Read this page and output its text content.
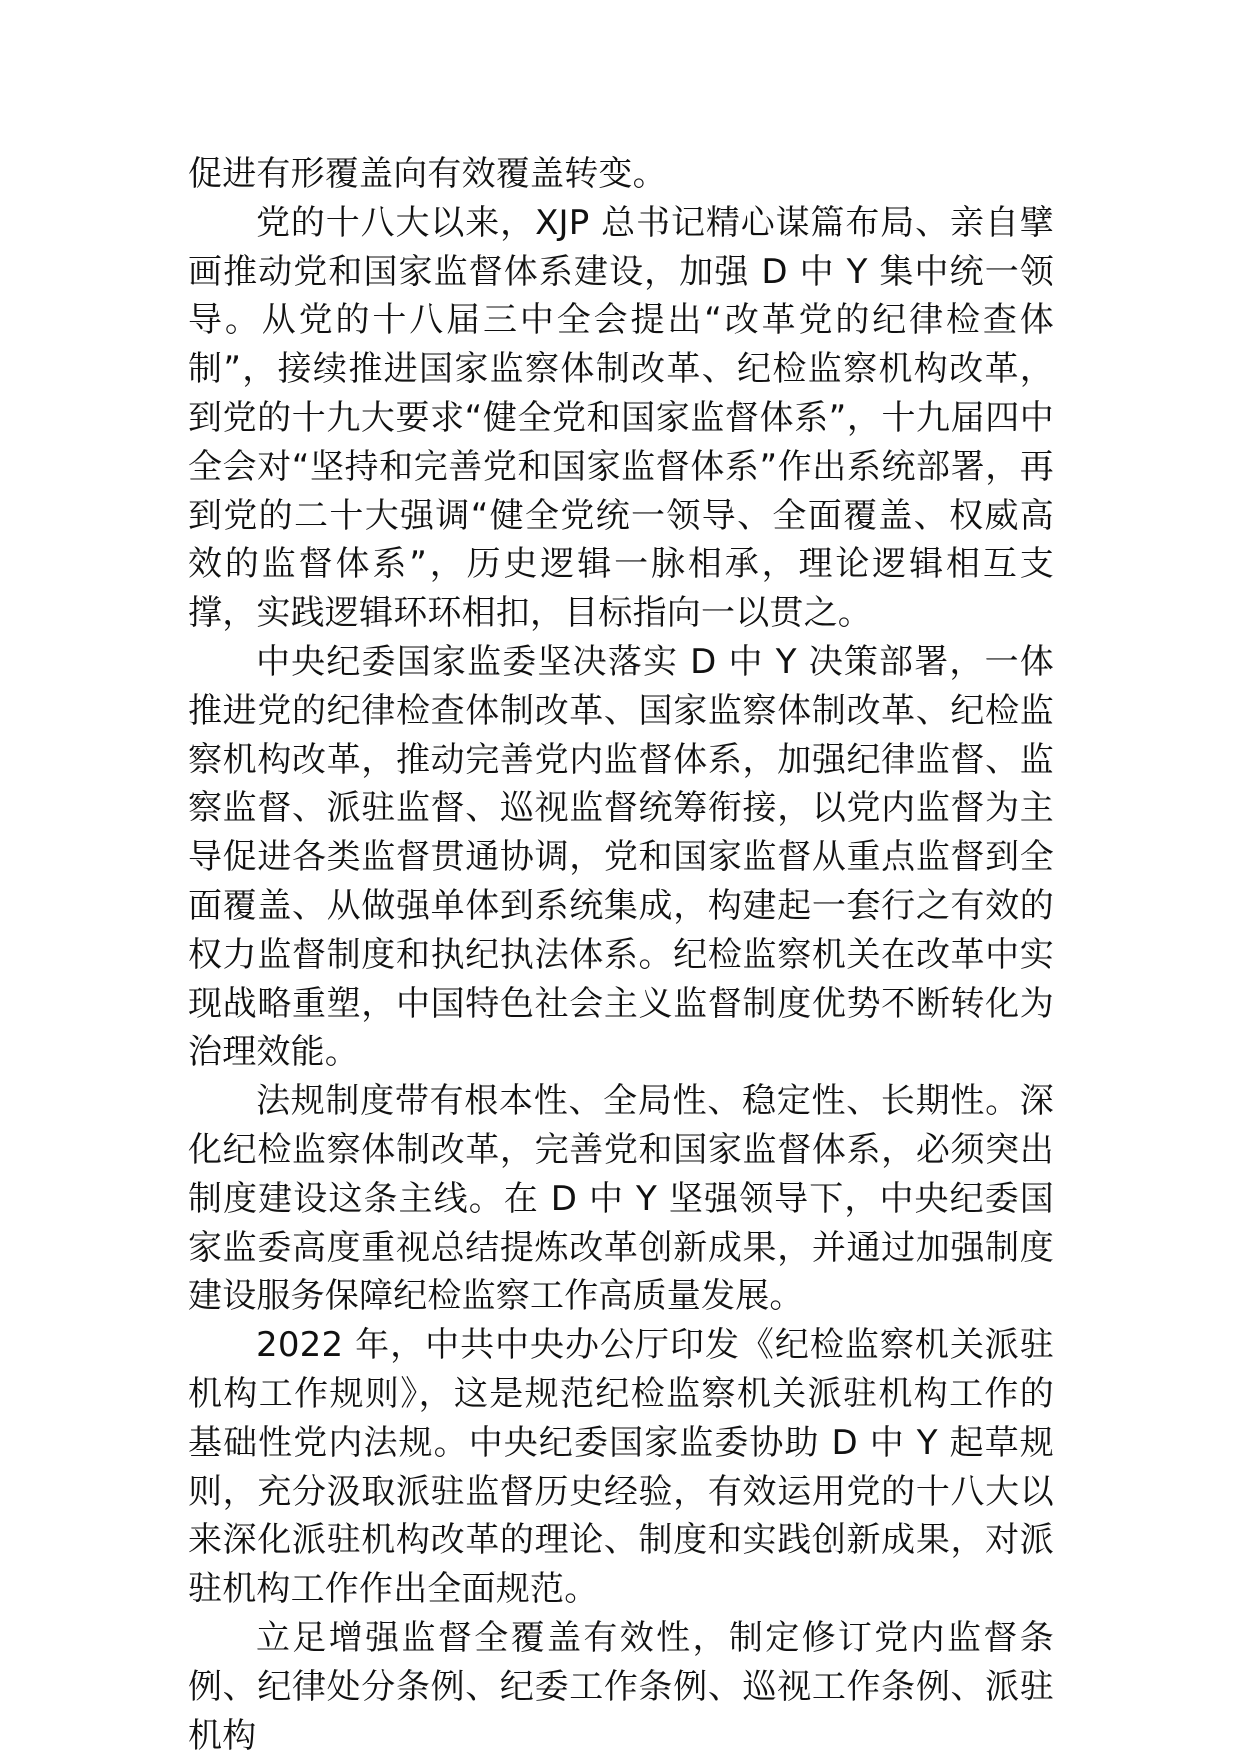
促进有形覆盖向有效覆盖转变。

党的十八大以来，XJP 总书记精心谋篇布局、亲自擘画推动党和国家监督体系建设，加强 D 中 Y 集中统一领导。从党的十八届三中全会提出“改革党的纪律检查体制”，接续推进国家监察体制改革、纪检监察机构改革，到党的十九大要求“健全党和国家监督体系”，十九届四中全会对“坚持和完善党和国家监督体系”作出系统部署，再到党的二十大强调“健全党统一领导、全面覆盖、权威高效的监督体系”，历史逻辑一脉相承，理论逻辑相互支撑，实践逻辑环环相扣，目标指向一以贯之。

中央纪委国家监委坚决落实 D 中 Y 决策部署，一体推进党的纪律检查体制改革、国家监察体制改革、纪检监察机构改革，推动完善党内监督体系，加强纪律监督、监察监督、派驻监督、巡视监督统筹衔接，以党内监督为主导促进各类监督贯通协调，党和国家监督从重点监督到全面覆盖、从做强单体到系统集成，构建起一套行之有效的权力监督制度和执纪执法体系。纪检监察机关在改革中实现战略重塑，中国特色社会主义监督制度优势不断转化为治理效能。

法规制度带有根本性、全局性、稳定性、长期性。深化纪检监察体制改革，完善党和国家监督体系，必须突出制度建设这条主线。在 D 中 Y 坚强领导下，中央纪委国家监委高度重视总结提炼改革创新成果，并通过加强制度建设服务保障纪检监察工作高质量发展。

2022 年，中共中央办公厅印发《纪检监察机关派驻机构工作规则》，这是规范纪检监察机关派驻机构工作的基础性党内法规。中央纪委国家监委协助 D 中 Y 起草规则，充分汲取派驻监督历史经验，有效运用党的十八大以来深化派驻机构改革的理论、制度和实践创新成果，对派驻机构工作作出全面规范。

立足增强监督全覆盖有效性，制定修订党内监督条例、纪律处分条例、纪委工作条例、巡视工作条例、派驻机构
